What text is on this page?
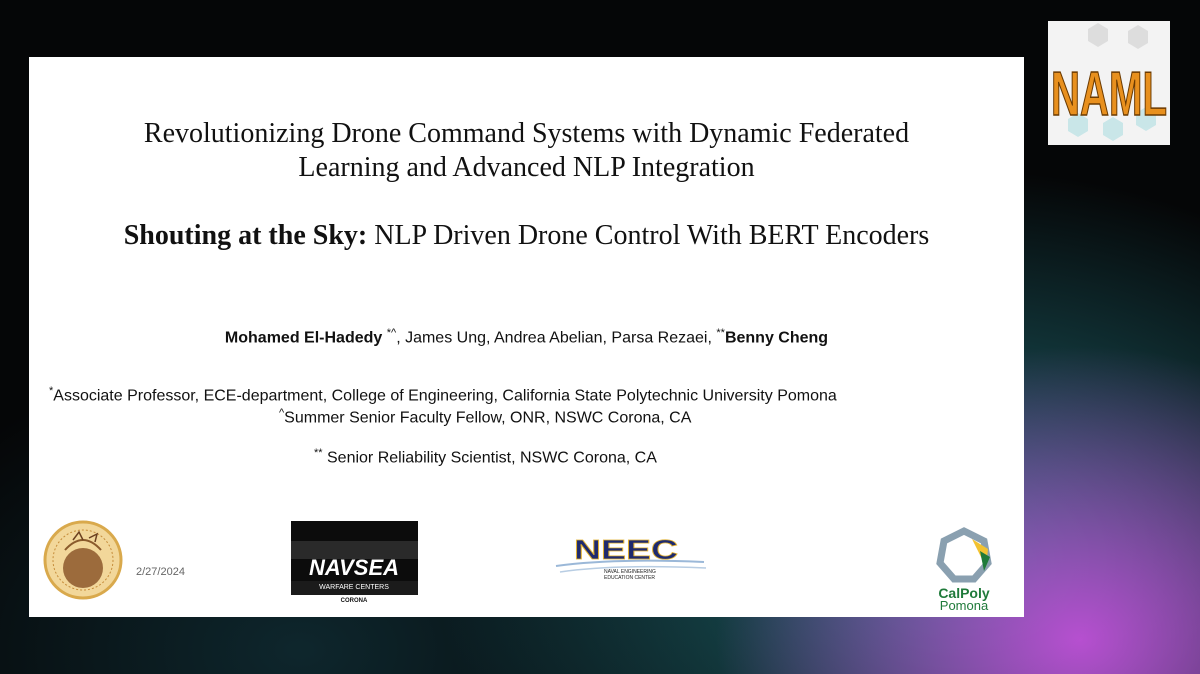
NAML
Revolutionizing Drone Command Systems with Dynamic Federated
Learning and Advanced NLP Integration
Shouting at the Sky: NLP Driven Drone Control With BERT Encoders
Mohamed El-Hadedy *^, James Ung, Andrea Abelian, Parsa Rezaei, **Benny Cheng
*Associate Professor, ECE-department, College of Engineering, California State Polytechnic University Pomona
^Summer Senior Faculty Fellow, ONR, NSWC Corona, CA
** Senior Reliability Scientist, NSWC Corona, CA
2/27/2024	NAVSEA
WARFARE CENTERS
CORONA
NEEC
NAVAL ENGINEERING
EDUCATION CENTER
CalPoly
Pomona
